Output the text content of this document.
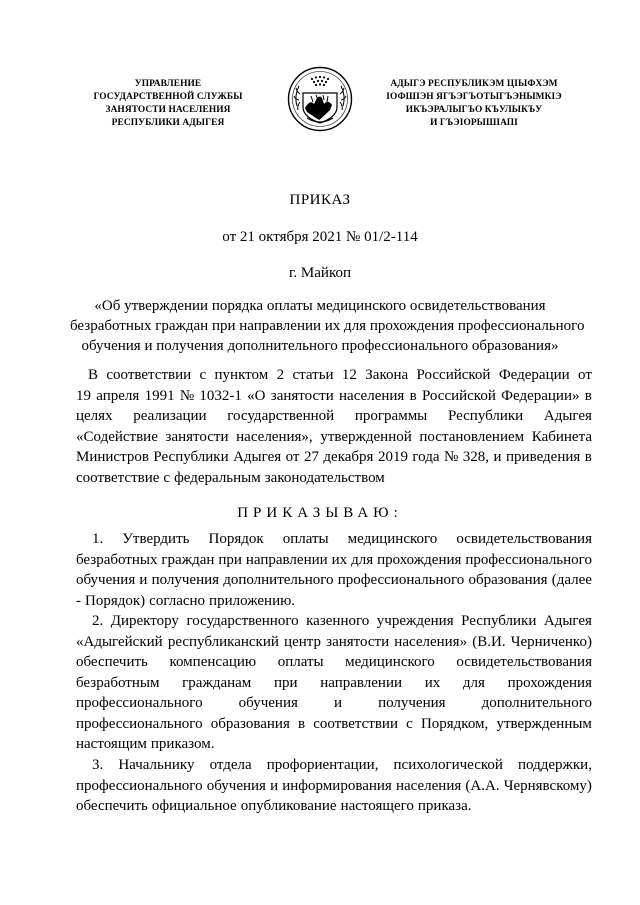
УПРАВЛЕНИЕ
ГОСУДАРСТВЕННОЙ СЛУЖБЫ
ЗАНЯТОСТИ НАСЕЛЕНИЯ
РЕСПУБЛИКИ АДЫГЕЯ
АДЫГЭ РЕСПУБЛИКЭМ ЦIЫФХЭМ
IОФШIЭН ЯГЪЭГЪОТЫГЪЭНЫМКIЭ
ИКЪЭРАЛЫГЪО КЪУЛЫКЪУ
И ГЪЭIОРЫШIАПI
ПРИКАЗ
от 21 октября 2021 № 01/2-114
г. Майкоп
«Об утверждении порядка оплаты медицинского освидетельствования
безработных граждан при направлении их для прохождения профессионального
обучения и получения дополнительного профессионального образования»
В соответствии с пунктом 2 статьи 12 Закона Российской Федерации от
19 апреля 1991 № 1032-1 «О занятости населения в Российской Федерации» в
целях реализации государственной программы Республики Адыгея
«Содействие занятости населения», утвержденной постановлением Кабинета
Министров Республики Адыгея от 27 декабря 2019 года № 328, и приведения в
соответствие с федеральным законодательством
ПРИКАЗЫВАЮ:
1. Утвердить Порядок оплаты медицинского освидетельствования
безработных граждан при направлении их для прохождения профессионального
обучения и получения дополнительного профессионального образования (далее
- Порядок) согласно приложению.
2. Директору государственного казенного учреждения Республики Адыгея
«Адыгейский республиканский центр занятости населения» (В.И. Черниченко)
обеспечить компенсацию оплаты медицинского освидетельствования
безработным гражданам при направлении их для прохождения
профессионального обучения и получения дополнительного
профессионального образования в соответствии с Порядком, утвержденным
настоящим приказом.
3. Начальнику отдела профориентации, психологической поддержки,
профессионального обучения и информирования населения (А.А. Чернявскому)
обеспечить официальное опубликование настоящего приказа.
